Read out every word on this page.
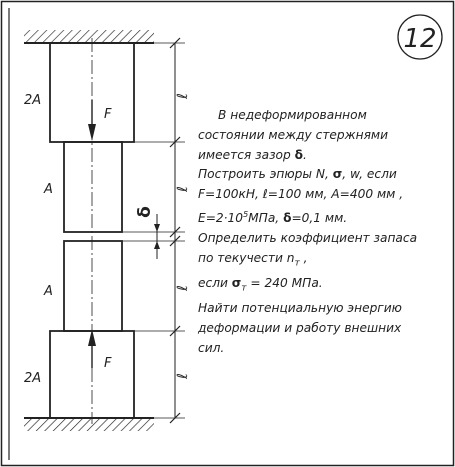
12
F
F
2A
A
A
2A
ℓ
ℓ
ℓ
ℓ
δ
В недеформированном
состоянии между стержнями
имеется зазор δ.
Построить эпюры N, σ, w, если
F=100кН, ℓ=100 мм, A=400 мм ,
$E=2\cdot 10^5МПа$, δ=0,1 мм.
Определить коэффициент запаса
по текучести $n_т$ ,
если $\sigma_т = 240$ МПа.
Найти потенциальную энергию
деформации и работу внешних
сил.
